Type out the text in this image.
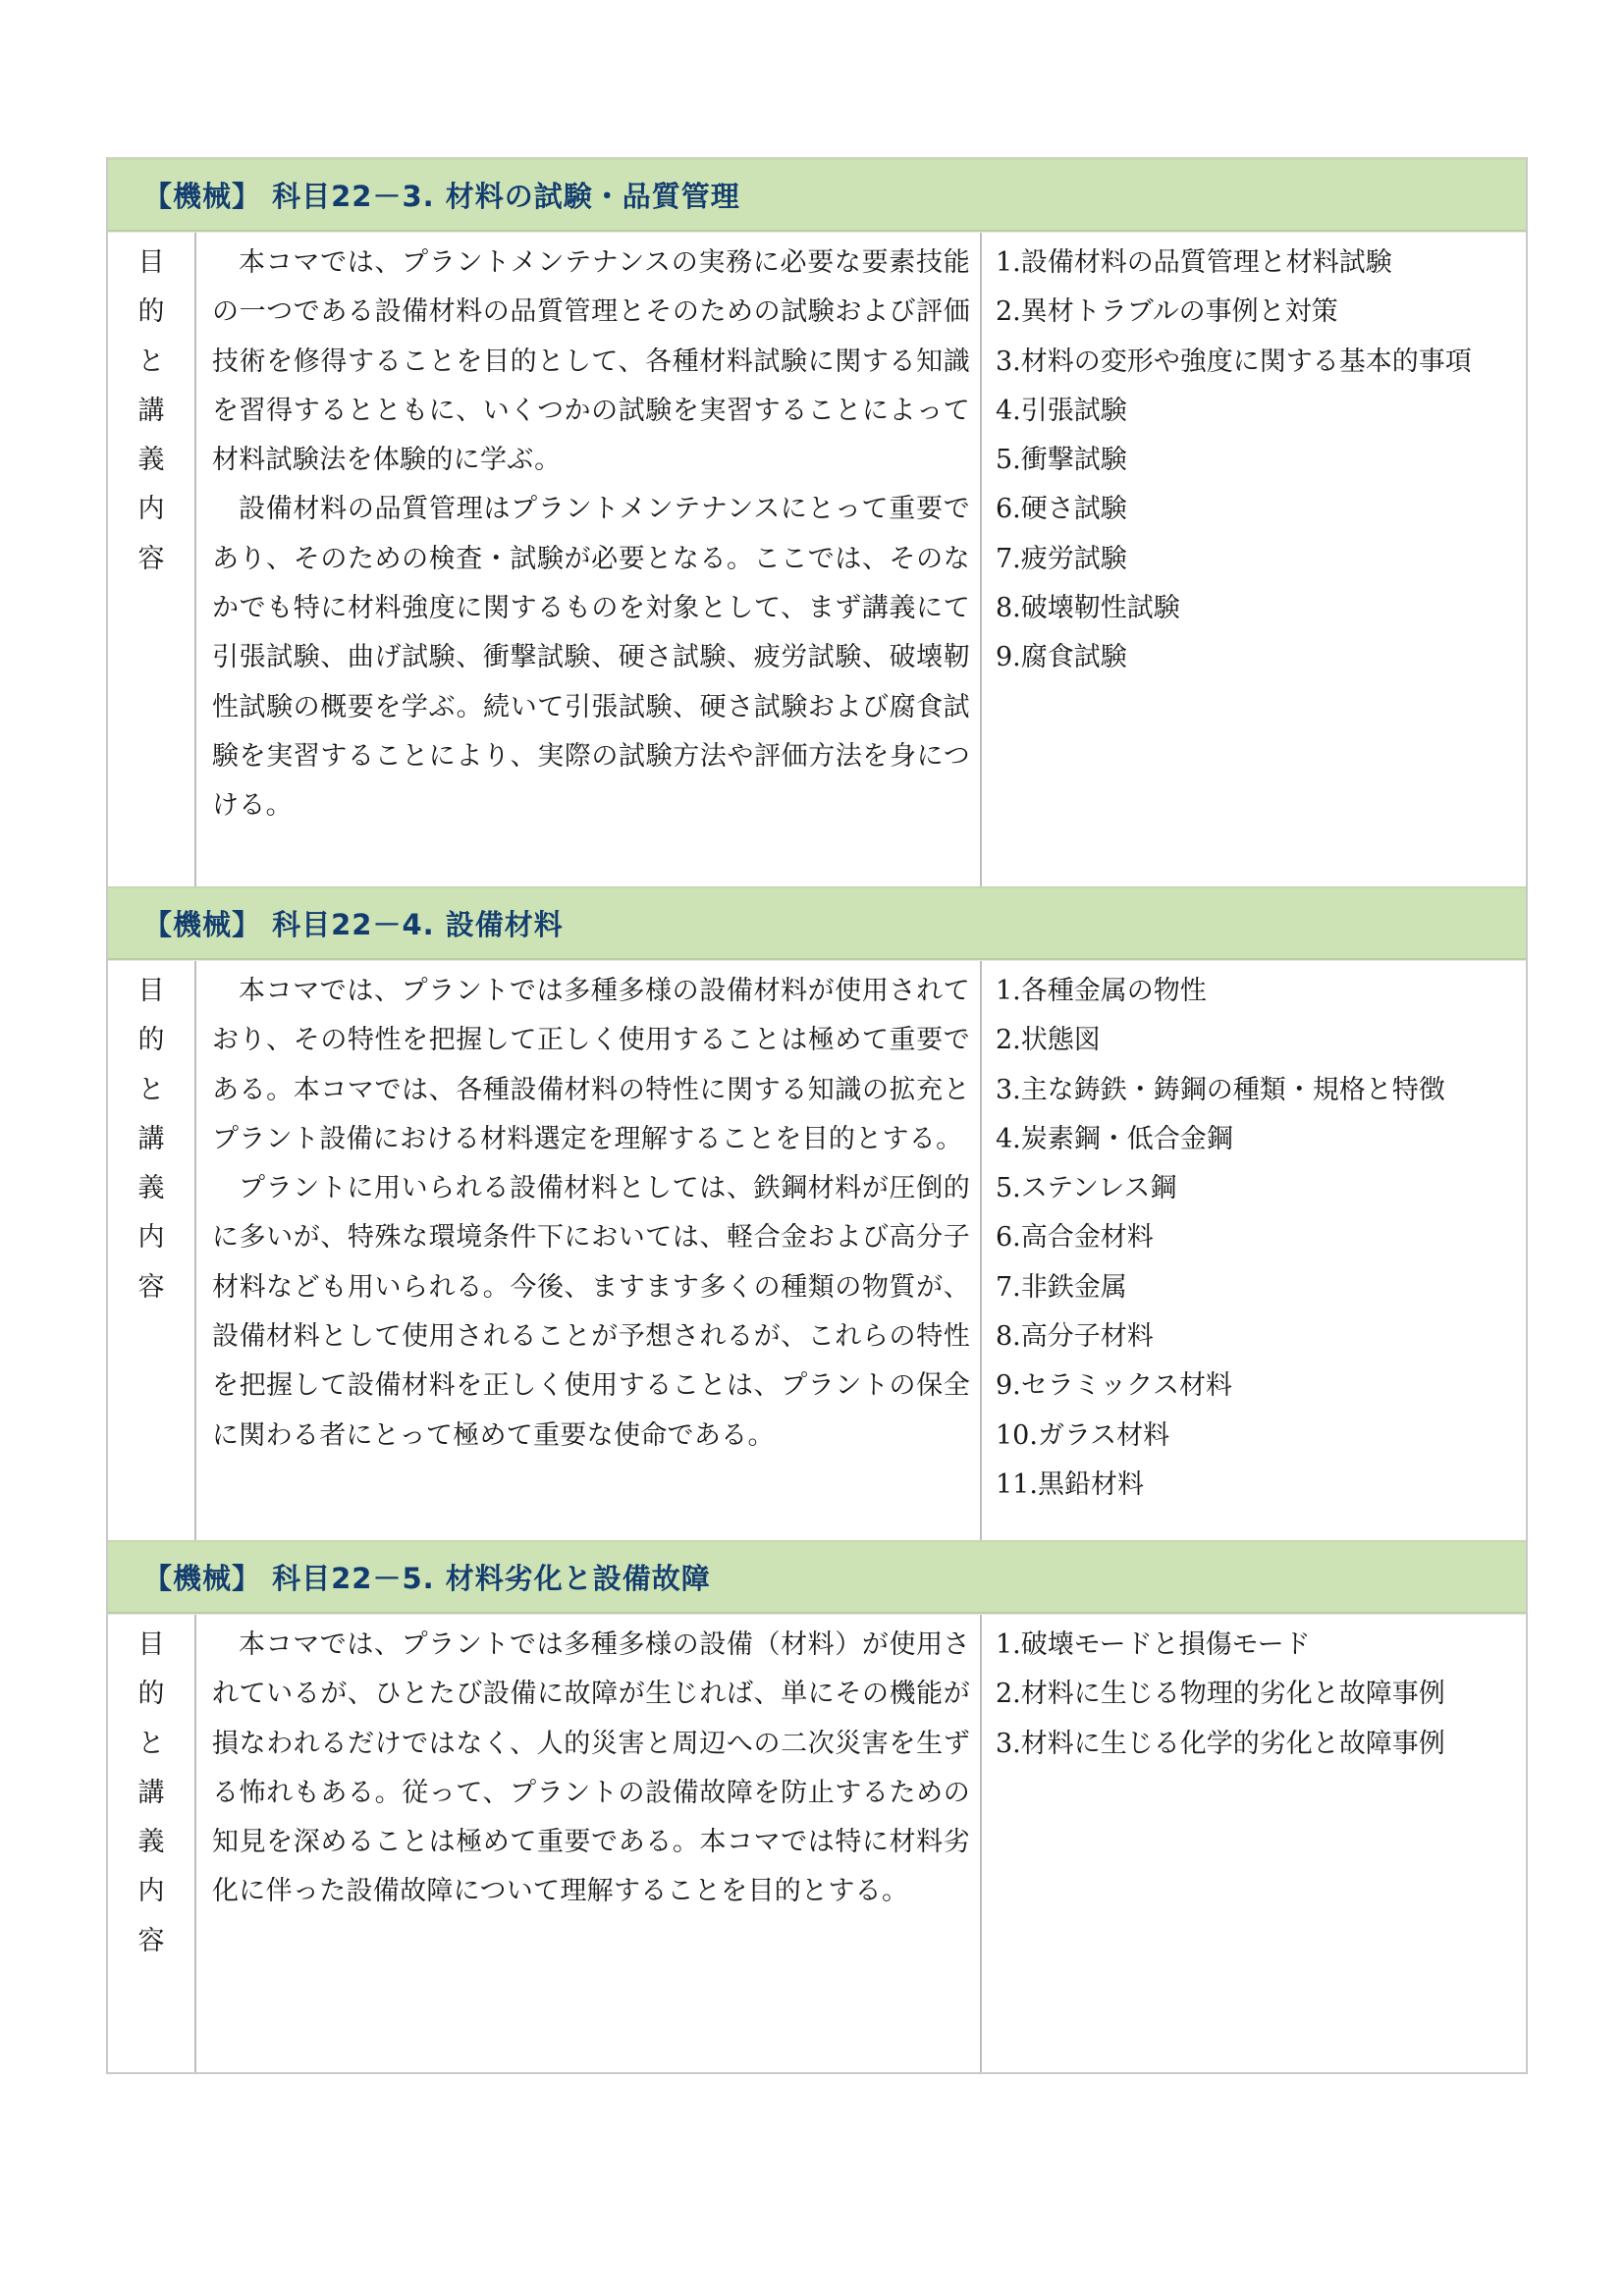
【機械】 科目22－3. 材料の試験・品質管理
目
的
と
講
義
内
容

本コマでは、プラントメンテナンスの実務に必要な要素技能の一つである設備材料の品質管理とそのための試験および評価技術を修得することを目的として、各種材料試験に関する知識を習得するとともに、いくつかの試験を実習することによって材料試験法を体験的に学ぶ。

設備材料の品質管理はプラントメンテナンスにとって重要であり、そのための検査・試験が必要となる。ここでは、そのなかでも特に材料強度に関するものを対象として、まず講義にて引張試験、曲げ試験、衝撃試験、硬さ試験、疲労試験、破壊靭性試験の概要を学ぶ。続いて引張試験、硬さ試験および腐食試験を実習することにより、実際の試験方法や評価方法を身につける。

1.設備材料の品質管理と材料試験
2.異材トラブルの事例と対策
3.材料の変形や強度に関する基本的事項
4.引張試験
5.衝撃試験
6.硬さ試験
7.疲労試験
8.破壊靭性試験
9.腐食試験
【機械】 科目22－4. 設備材料
目
的
と
講
義
内
容

本コマでは、プラントでは多種多様の設備材料が使用されており、その特性を把握して正しく使用することは極めて重要である。本コマでは、各種設備材料の特性に関する知識の拡充とプラント設備における材料選定を理解することを目的とする。

プラントに用いられる設備材料としては、鉄鋼材料が圧倒的に多いが、特殊な環境条件下においては、軽合金および高分子材料なども用いられる。今後、ますます多くの種類の物質が、設備材料として使用されることが予想されるが、これらの特性を把握して設備材料を正しく使用することは、プラントの保全に関わる者にとって極めて重要な使命である。

1.各種金属の物性
2.状態図
3.主な鋳鉄・鋳鋼の種類・規格と特徴
4.炭素鋼・低合金鋼
5.ステンレス鋼
6.高合金材料
7.非鉄金属
8.高分子材料
9.セラミックス材料
10.ガラス材料
11.黒鉛材料
【機械】 科目22－5. 材料劣化と設備故障
目
的
と
講
義
内
容

本コマでは、プラントでは多種多様の設備（材料）が使用されているが、ひとたび設備に故障が生じれば、単にその機能が損なわれるだけではなく、人的災害と周辺への二次災害を生ずる怖れもある。従って、プラントの設備故障を防止するための知見を深めることは極めて重要である。本コマでは特に材料劣化に伴った設備故障について理解することを目的とする。

1.破壊モードと損傷モード
2.材料に生じる物理的劣化と故障事例
3.材料に生じる化学的劣化と故障事例
